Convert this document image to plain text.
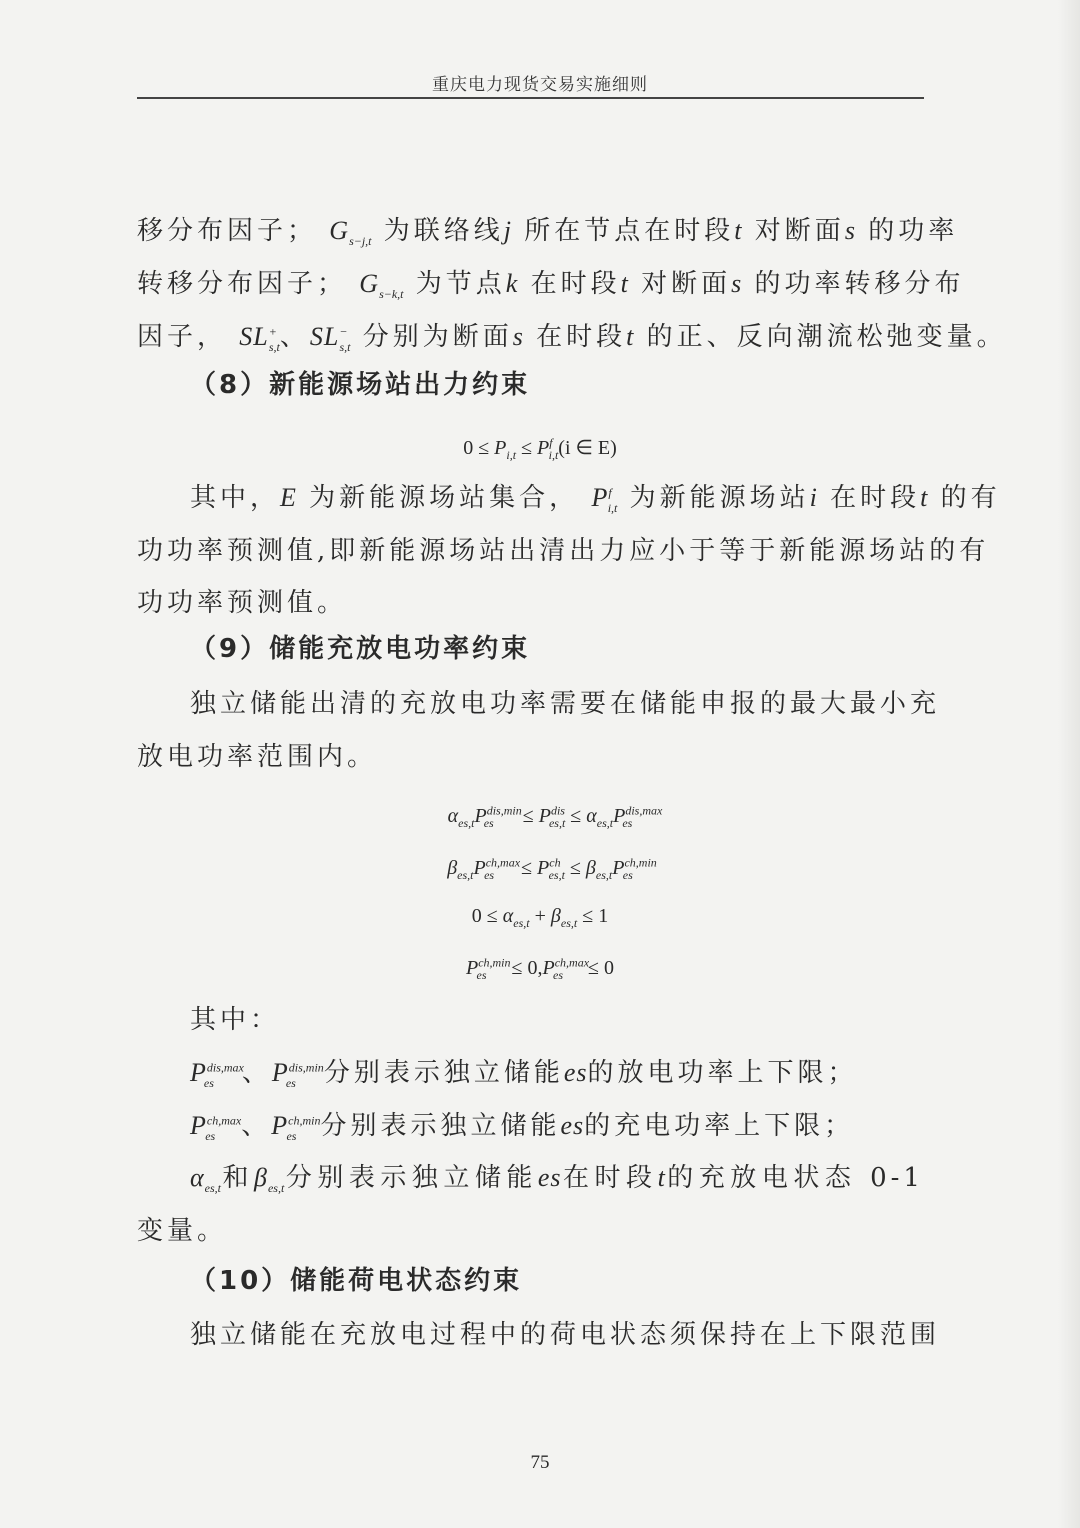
重庆电力现货交易实施细则
移分布因子； $G_{s-j,t}$ 为联络线j 所在节点在时段t 对断面s 的功率
转移分布因子； $G_{s-k,t}$ 为节点k 在时段t 对断面s 的功率转移分布
因子， $SL^+_{s,t}$、$SL^-_{s,t}$ 分别为断面s 在时段t 的正、反向潮流松弛变量。
（8）新能源场站出力约束
$0 \le P_{i,t} \le P^f_{i,t}(i$ ∈ E)
其中，E 为新能源场站集合， $P^f_{i,t}$ 为新能源场站i 在时段t 的有
功功率预测值,即新能源场站出清出力应小于等于新能源场站的有
功功率预测值。
（9）储能充放电功率约束
独立储能出清的充放电功率需要在储能申报的最大最小充
放电功率范围内。
$\alpha_{es,t}P^{dis,min}_{es} \le P^{dis}_{es,t} \le \alpha_{es,t}P^{dis,max}_{es}$
$\beta_{es,t}P^{ch,max}_{es} \le P^{ch}_{es,t} \le \beta_{es,t}P^{ch,min}_{es}$
$0 \le \alpha_{es,t} + \beta_{es,t} \le 1$
$P^{ch,min}_{es} \le 0,P^{ch,max}_{es} \le 0$
其中：
$P^{dis,max}_{es}$ 、$P^{dis,min}_{es}$ 分别表示独立储能es的放电功率上下限；
$P^{ch,max}_{es}$ 、$P^{ch,min}_{es}$ 分别表示独立储能es的充电功率上下限；
$\alpha_{es,t}$和$\beta_{es,t}$分别表示独立储能es在时段t的充放电状态 0-1
变量。
（10）储能荷电状态约束
独立储能在充放电过程中的荷电状态须保持在上下限范围
75
